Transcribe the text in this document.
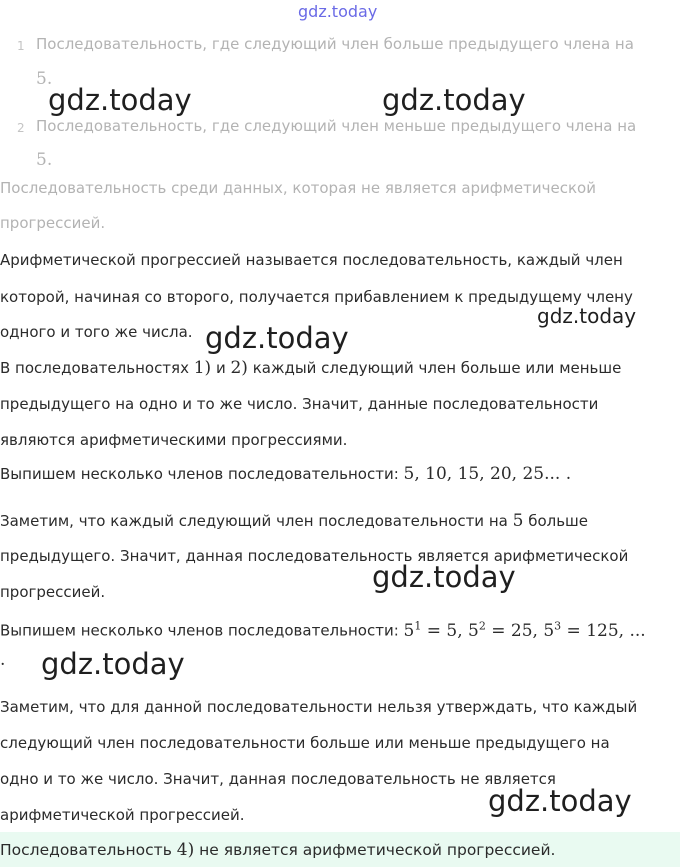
gdz.today
1 Последовательность, где следующий член больше предыдущего члена на
5.
2 Последовательность, где следующий член меньше предыдущего члена на
5.
Последовательность среди данных, которая не является арифметической
прогрессией.
Арифметической прогрессией называется последовательность, каждый член
которой, начиная со второго, получается прибавлением к предыдущему члену
одного и того же числа.
В последовательностях 1) и 2) каждый следующий член больше или меньше
предыдущего на одно и то же число. Значит, данные последовательности
являются арифметическими прогрессиями.
Выпишем несколько членов последовательности: 5, 10, 15, 20, 25... .
Заметим, что каждый следующий член последовательности на 5 больше
предыдущего. Значит, данная последовательность является арифметической
прогрессией.
Выпишем несколько членов последовательности: $5^1 = 5$, $5^2 = 25$, $5^3 = 125$, ...
.
Заметим, что для данной последовательности нельзя утверждать, что каждый
следующий член последовательности больше или меньше предыдущего на
одно и то же число. Значит, данная последовательность не является
арифметической прогрессией.
Последовательность 4) не является арифметической прогрессией.
gdz.today	gdz.today
gdz.today
gdz.today
gdz.today
gdz.today
gdz.today
